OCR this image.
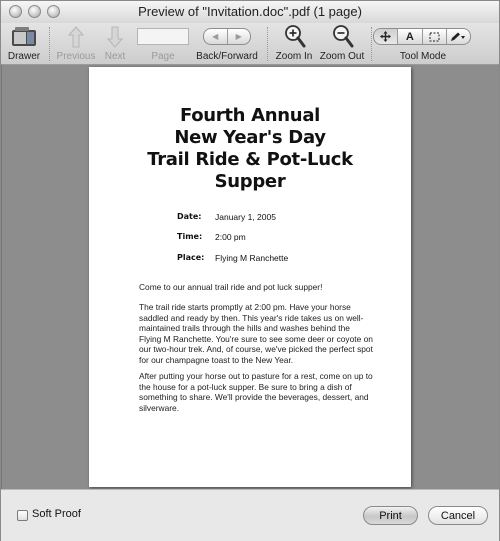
Preview of "Invitation.doc".pdf (1 page)
Drawer	Previous Next	Page
◀ ▶
Back/Forward Zoom In Zoom Out
A
Tool Mode
Fourth Annual
New Year's Day
Trail Ride & Pot-Luck
Supper
Date: January 1, 2005
Time: 2:00 pm
Place: Flying M Ranchette
Come to our annual trail ride and pot luck supper!
The trail ride starts promptly at 2:00 pm. Have your horse saddled and ready by then. This year's ride takes us on well-maintained trails through the hills and washes behind the Flying M Ranchette. You're sure to see some deer or coyote on our two-hour trek. And, of course, we've picked the perfect spot for our champagne toast to the New Year.
After putting your horse out to pasture for a rest, come on up to the house for a pot-luck supper. Be sure to bring a dish of something to share. We'll provide the beverages, dessert, and silverware.
Soft Proof	Print	Cancel
